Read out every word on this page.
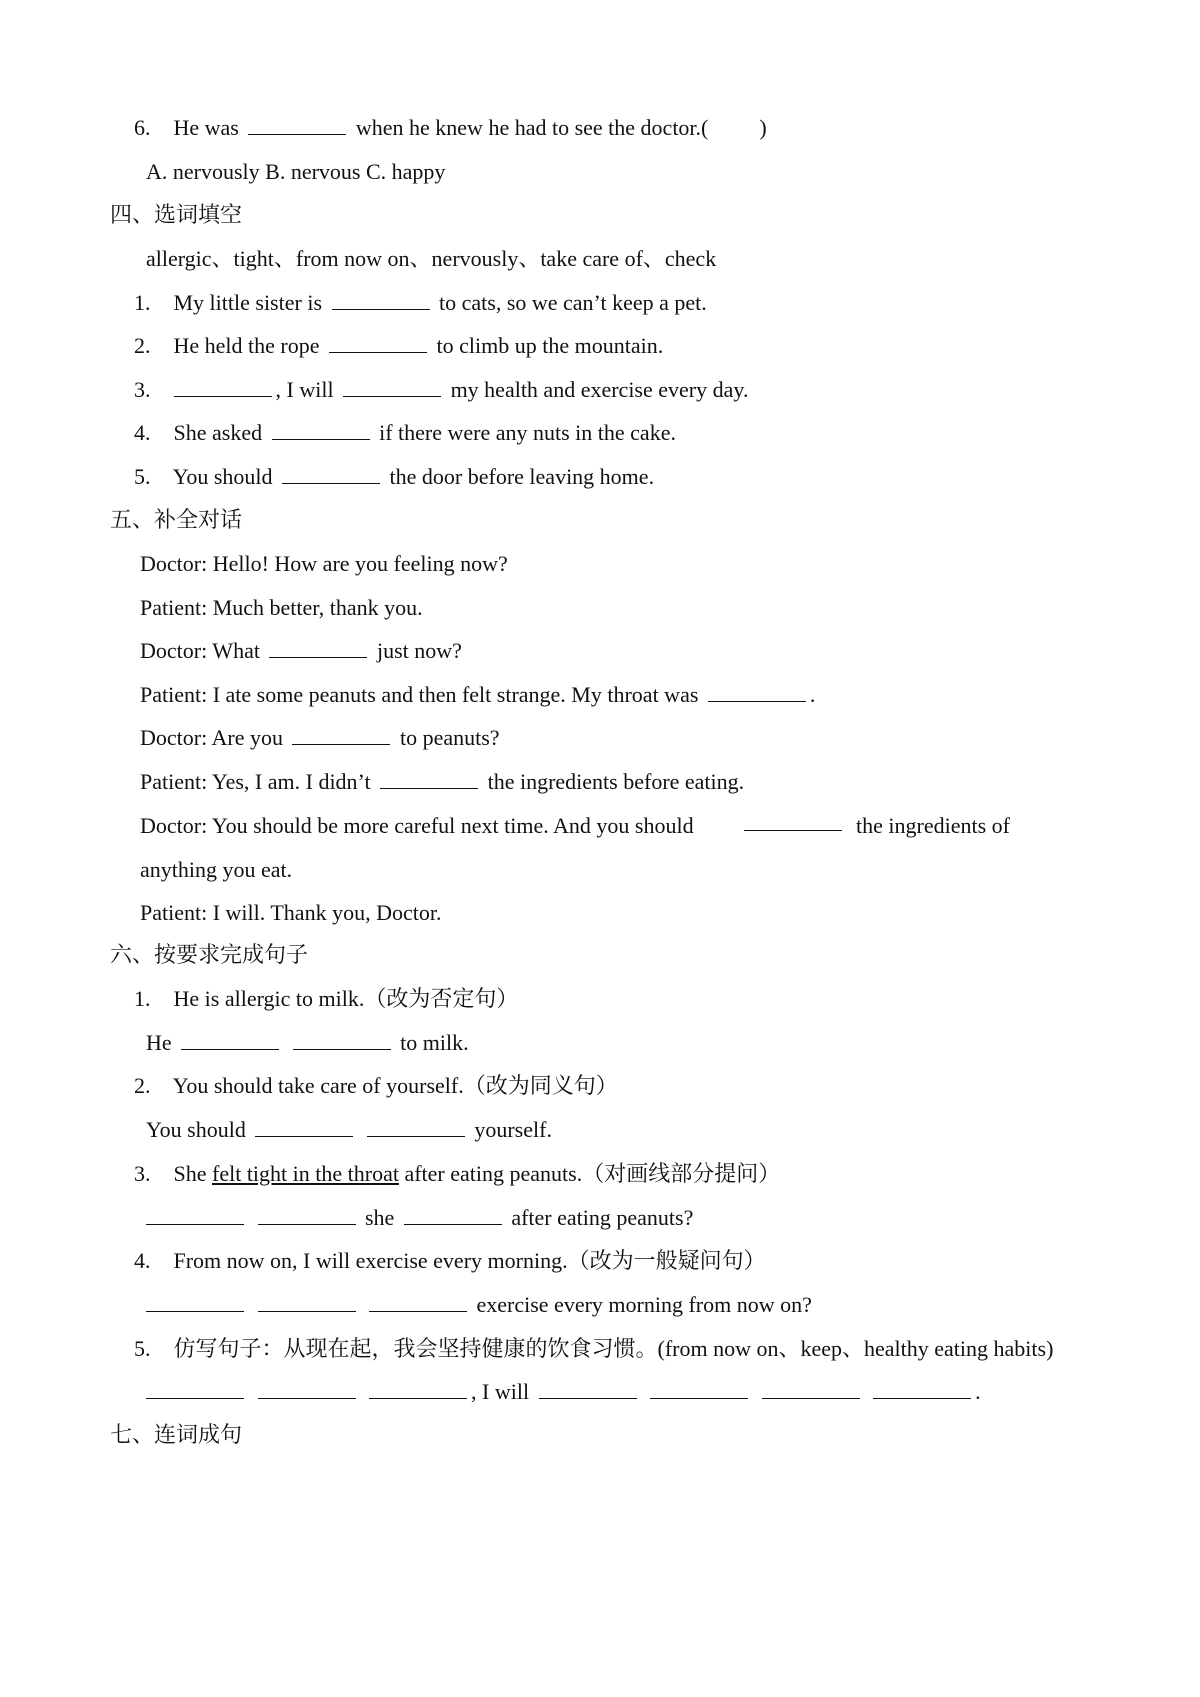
6. He was	when he knew he had to see the doctor.( )
A. nervously B. nervous C. happy
四、选词填空
allergic、tight、from now on、nervously、take care of、check
1. My little sister is	to cats, so we can’t keep a pet.
2. He held the rope	to climb up the mountain.
3.	, I will	my health and exercise every day.
4. She asked	if there were any nuts in the cake.
5. You should	the door before leaving home.
五、补全对话
Doctor: Hello! How are you feeling now?
Patient: Much better, thank you.
Doctor: What	just now?
Patient: I ate some peanuts and then felt strange. My throat was	.
Doctor: Are you	to peanuts?
Patient: Yes, I am. I didn’t	the ingredients before eating.
Doctor: You should be more careful next time. And you should	the ingredients of
anything you eat.
Patient: I will. Thank you, Doctor.
六、按要求完成句子
1. He is allergic to milk.（改为否定句）
He	to milk.
2. You should take care of yourself.（改为同义句）
You should	yourself.
3. She felt tight in the throat after eating peanuts.（对画线部分提问）
she	after eating peanuts?
4. From now on, I will exercise every morning.（改为一般疑问句）
exercise every morning from now on?
5. 仿写句子：从现在起，我会坚持健康的饮食习惯。(from now on、keep、healthy eating habits)
, I will	.
七、连词成句
